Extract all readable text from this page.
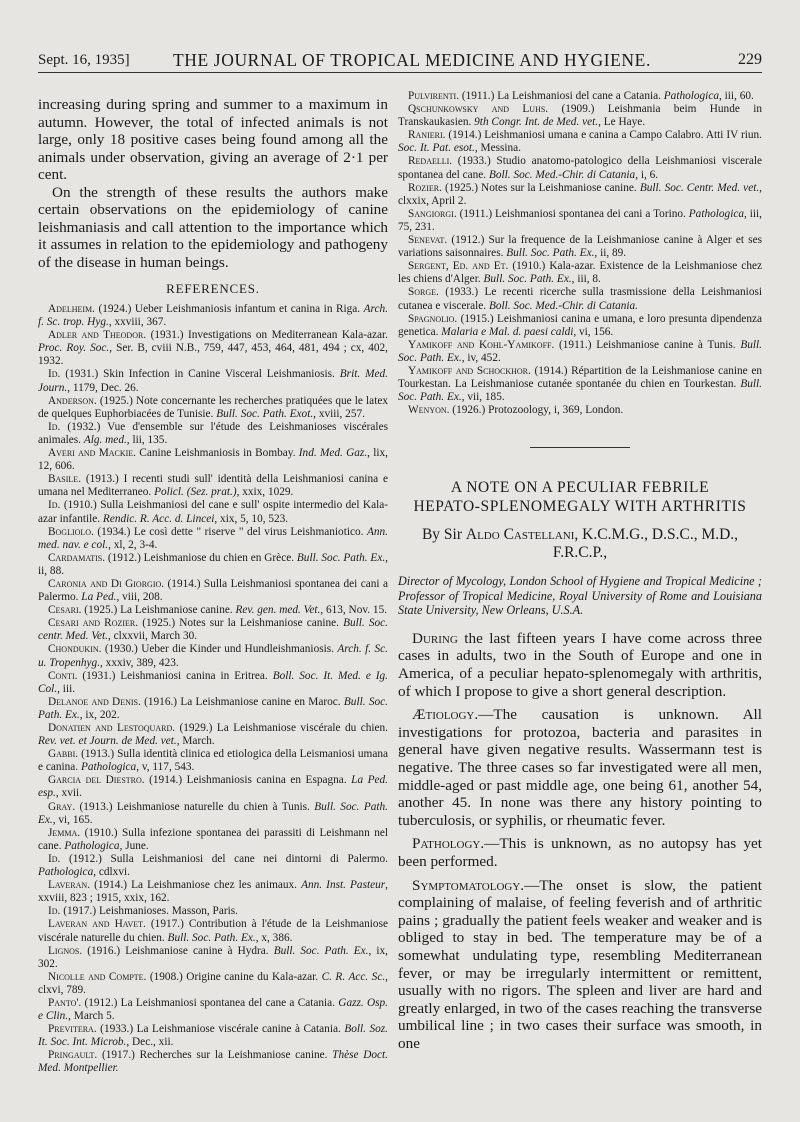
Sept. 16, 1935] THE JOURNAL OF TROPICAL MEDICINE AND HYGIENE.	229

increasing during spring and summer to a maximum in autumn. However, the total of infected animals is not large, only 18 positive cases being found among all the animals under observation, giving an average of 2·1 per cent.

On the strength of these results the authors make certain observations on the epidemiology of canine leishmaniasis and call attention to the importance which it assumes in relation to the epidemiology and pathogeny of the disease in human beings.

REFERENCES.

Adelheim. (1924.) Ueber Leishmaniosis infantum et canina in Riga. Arch. f. Sc. trop. Hyg., xxviii, 367.

Adler and Theodor. (1931.) Investigations on Mediterranean Kala-azar. Proc. Roy. Soc., Ser. B, cviii N.B., 759, 447, 453, 464, 481, 494 ; cx, 402, 1932.

Id. (1931.) Skin Infection in Canine Visceral Leishmaniosis. Brit. Med. Journ., 1179, Dec. 26.

Anderson. (1925.) Note concernante les recherches pratiquées que le latex de quelques Euphorbiacées de Tunisie. Bull. Soc. Path. Exot., xviii, 257.

Id. (1932.) Vue d'ensemble sur l'étude des Leishmanioses viscérales animales. Alg. med., lii, 135.

Averi and Mackie. Canine Leishmaniosis in Bombay. Ind. Med. Gaz., lix, 12, 606.

Basile. (1913.) I recenti studi sull' identità della Leishmaniosi canina e umana nel Mediterraneo. Policl. (Sez. prat.), xxix, 1029.

Id. (1910.) Sulla Leishmaniosi del cane e sull' ospite intermedio del Kala-azar infantile. Rendic. R. Acc. d. Lincei, xix, 5, 10, 523.

Bogliolo. (1934.) Le così dette " riserve " del virus Leishmaniotico. Ann. med. nav. e col., xl, 2, 3-4.

Cardamatis. (1912.) Leishmaniose du chien en Grèce. Bull. Soc. Path. Ex., ii, 88.

Caronia and Di Giorgio. (1914.) Sulla Leishmaniosi spontanea dei cani a Palermo. La Ped., viii, 208.

Cesari. (1925.) La Leishmaniose canine. Rev. gen. med. Vet., 613, Nov. 15.

Cesari and Rozier. (1925.) Notes sur la Leishmaniose canine. Bull. Soc. centr. Med. Vet., clxxvii, March 30.

Chondukin. (1930.) Ueber die Kinder und Hundleishmaniosis. Arch. f. Sc. u. Tropenhyg., xxxiv, 389, 423.

Conti. (1931.) Leishmaniosi canina in Eritrea. Boll. Soc. It. Med. e Ig. Col., iii.

Delanoe and Denis. (1916.) La Leishmaniose canine en Maroc. Bull. Soc. Path. Ex., ix, 202.

Donatien and Lestoquard. (1929.) La Leishmaniose viscérale du chien. Rev. vet. et Journ. de Med. vet., March.

Gabbi. (1913.) Sulla identità clinica ed etiologica della Leismaniosi umana e canina. Pathologica, v, 117, 543.

Garcia del Diestro. (1914.) Leishmaniosis canina en Espagna. La Ped. esp., xvii.

Gray. (1913.) Leishmaniose naturelle du chien à Tunis. Bull. Soc. Path. Ex., vi, 165.

Jemma. (1910.) Sulla infezione spontanea dei parassiti di Leishmann nel cane. Pathologica, June.

Id. (1912.) Sulla Leishmaniosi del cane nei dintorni di Palermo. Pathologica, cdlxvi.

Laveran. (1914.) La Leishmaniose chez les animaux. Ann. Inst. Pasteur, xxviii, 823 ; 1915, xxix, 162.

Id. (1917.) Leishmanioses. Masson, Paris.

Laveran and Havet. (1917.) Contribution à l'étude de la Leishmaniose viscérale naturelle du chien. Bull. Soc. Path. Ex., x, 386.

Lignos. (1916.) Leishmaniose canine à Hydra. Bull. Soc. Path. Ex., ix, 302.

Nicolle and Compte. (1908.) Origine canine du Kala-azar. C. R. Acc. Sc., clxvi, 789.

Panto'. (1912.) La Leishmaniosi spontanea del cane a Catania. Gazz. Osp. e Clin., March 5.

Previtera. (1933.) La Leishmaniose viscérale canine à Catania. Boll. Soz. It. Soc. Int. Microb., Dec., xii.

Pringault. (1917.) Recherches sur la Leishmaniose canine. Thèse Doct. Med. Montpellier.

Pulvirenti. (1911.) La Leishmaniosi del cane a Catania. Pathologica, iii, 60.

Qschunkowsky and Luhs. (1909.) Leishmania beim Hunde in Transkaukasien. 9th Congr. Int. de Med. vet., Le Haye.

Ranieri. (1914.) Leishmaniosi umana e canina a Campo Calabro. Atti IV riun. Soc. It. Pat. esot., Messina.

Redaelli. (1933.) Studio anatomo-patologico della Leishmaniosi viscerale spontanea del cane. Boll. Soc. Med.-Chir. di Catania, i, 6.

Rozier. (1925.) Notes sur la Leishmaniose canine. Bull. Soc. Centr. Med. vet., clxxix, April 2.

Sangiorgi. (1911.) Leishmaniosi spontanea dei cani a Torino. Pathologica, iii, 75, 231.

Senevat. (1912.) Sur la frequence de la Leishmaniose canine à Alger et ses variations saisonnaires. Bull. Soc. Path. Ex., ii, 89.

Sergent, Ed. and Et. (1910.) Kala-azar. Existence de la Leishmaniose chez les chiens d'Alger. Bull. Soc. Path. Ex., iii, 8.

Sorge. (1933.) Le recenti ricerche sulla trasmissione della Leishmaniosi cutanea e viscerale. Boll. Soc. Med.-Chir. di Catania.

Spagnolio. (1915.) Leishmaniosi canina e umana, e loro presunta dipendenza genetica. Malaria e Mal. d. paesi caldi, vi, 156.

Yamikoff and Kohl-Yamikoff. (1911.) Leishmaniose canine à Tunis. Bull. Soc. Path. Ex., iv, 452.

Yamikoff and Schockhor. (1914.) Répartition de la Leishmaniose canine en Tourkestan. La Leishmaniose cutanée spontanée du chien en Tourkestan. Bull. Soc. Path. Ex., vii, 185.

Wenyon. (1926.) Protozoology, i, 369, London.

A NOTE ON A PECULIAR FEBRILE
HEPATO-SPLENOMEGALY WITH ARTHRITIS

By Sir Aldo Castellani, K.C.M.G., D.S.C., M.D., F.R.C.P.,

Director of Mycology, London School of Hygiene and Tropical Medicine ; Professor of Tropical Medicine, Royal University of Rome and Louisiana State University, New Orleans, U.S.A.

During the last fifteen years I have come across three cases in adults, two in the South of Europe and one in America, of a peculiar hepato-splenomegaly with arthritis, of which I propose to give a short general description.

Ætiology.—The causation is unknown. All investigations for protozoa, bacteria and parasites in general have given negative results. Wassermann test is negative. The three cases so far investigated were all men, middle-aged or past middle age, one being 61, another 54, another 45. In none was there any history pointing to tuberculosis, or syphilis, or rheumatic fever.

Pathology.—This is unknown, as no autopsy has yet been performed.

Symptomatology.—The onset is slow, the patient complaining of malaise, of feeling feverish and of arthritic pains ; gradually the patient feels weaker and weaker and is obliged to stay in bed. The temperature may be of a somewhat undulating type, resembling Mediterranean fever, or may be irregularly intermittent or remittent, usually with no rigors. The spleen and liver are hard and greatly enlarged, in two of the cases reaching the transverse umbilical line ; in two cases their surface was smooth, in one
